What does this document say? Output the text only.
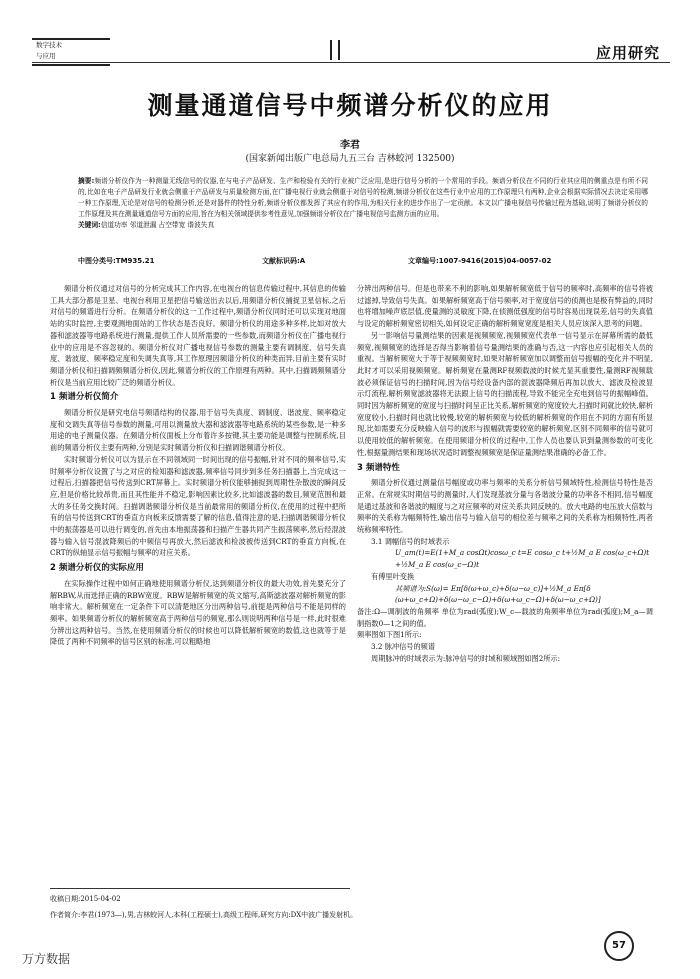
数字技术
与应用	应用研究
测量通道信号中频谱分析仪的应用
李君
(国家新闻出版广电总局九五三台 吉林蛟河 132500)
摘要:频谱分析仪作为一种测量无线信号的仪器,在与电子产品研发、生产和检验有关的行业被广泛应用,是进行信号分析的一个常用的手段。频谱分析仪在不同的行业其应用的侧重点是有所不同的,比如在电子产品研发行业就会侧重于产品研发与质量检测方面,在广播电视行业就会侧重于对信号的检测,频谱分析仪在这些行业中应用的工作原理只有两种,企业会根据实际情况去决定采用哪一种工作原理,无论是对信号的检测分析,还是对器件的特性分析,频谱分析仪都发挥了其应有的作用,为相关行业的进步作出了一定贡献。本文以广播电视信号传输过程为基础,说明了频谱分析仪的工作原理及其在测量通道信号方面的应用,旨在为相关领域提供参考性意见,加强频谱分析仪在广播电视信号监测方面的应用。
关键词:信道功率 邻道泄漏 占空带宽 谐波失真
中图分类号:TM935.21	文献标识码:A	文章编号:1007-9416(2015)04-0057-02

频谱分析仪通过对信号的分析完成其工作内容,在电视台的信息传输过程中,其信息的传输工具大部分都是卫星、电视台利用卫星把信号输送出去以后,用频谱分析仪捕捉卫星信标,之后对信号的频谱进行分析。在频谱分析仪的这一工作过程中,频谱分析仪同时还可以实现对地面站的实时监控,主要观测地面站的工作状态是否良好。频谱分析仪的用途多种多样,比如对放大器和滤波器等电路系统进行测量,提供工作人员所需要的一些参数,而频谱分析仪在广播电视行业中的应用是不容忽视的。频谱分析仪对广播电视信号参数的测量主要有调制度、信号失真度、谐波度、频率稳定度和失调失真等,其工作原理因频谱分析仪的种类而异,目前主要有实时频谱分析仪和扫描调频频谱分析仪,因此,频谱分析仪的工作原理有两种。其中,扫描调频频谱分析仪是当前应用比较广泛的频谱分析仪。

1 频谱分析仪简介

频谱分析仪是研究电信号频谱结构的仪器,用于信号失真度、调制度、谐波度、频率稳定度和交调失真等信号参数的测量,可用以测量放大器和滤波器等电路系统的某些参数,是一种多用途的电子测量仪器。在频谱分析仪面板上分布着许多按键,其主要功能是调整与控制系统,目前的频谱分析仪主要有两种,分别是实时频谱分析仪和扫描调谐频谱分析仪。

实时频谱分析仪可以为显示在不同领域同一时间出现的信号振幅,针对不同的频率信号,实时频率分析仪设置了与之对应的检知器和滤波器,频率信号同步到多任务扫描器上,当完成这一过程后,扫描器把信号传送到CRT屏幕上。实时频谱分析仪能够捕捉到周期性杂散波的瞬间反应,但是价格比较昂贵,而且其性能并不稳定,影响因素比较多,比如滤波器的数目,频宽范围和最大的多任务交换时间。扫描调谐频谱分析仪是当前最常用的频谱分析仪,在使用的过程中把所有的信号传送到CRT的垂直方向板来反馈需要了解的信息,值得注意的是,扫描调谐频谱分析仪中的振荡器是可以进行调变的,首先由本地振荡器和扫描产生器共同产生振荡频率,然后经混波器与输入信号混波降频后的中频信号再放大,然后滤波和检波被传送到CRT的垂直方向板,在CRT的纵轴显示信号振幅与频率的对应关系。

2 频谱分析仪的实际应用

在实际操作过程中如何正确地使用频谱分析仪,达到频谱分析仪的最大功效,首先要充分了解RBW,从而选择正确的RBW宽度。RBW是解析频宽的英文缩写,高斯滤波器对解析频宽的影响非常大。解析频宽在一定条件下可以清楚地区分出两种信号,前提是两种信号不能是同样的频率。如果频谱分析仪的解析频宽高于两种信号的频宽,那么则说明两种信号是一样,此时很难分辨出这两种信号。当然,在使用频谱分析仪的时候也可以降低解析频宽的数值,这也就等于是降低了两种不同频率的信号区别的标准,可以粗略地

分辨出两种信号。但是也带来不利的影响,如果解析频宽低于信号的频率时,高频率的信号将被过滤掉,导致信号失真。如果解析频宽高于信号频率,对于宽度信号的侦测也是极有弊益的,同时也将增加噪声底层值,使量测的灵敏度下降,在侦测低强度的信号时容易出现误差,信号的失真值与设定的解析频宽密切相关,如何设定正确的解析频宽宽度是相关人员应该深入思考的问题。

另一影响信号量测结果的因素是视频频宽,视频频宽代表单一信号显示在屏幕所需的最低频宽,视频频宽的选择是否得当影响着信号量测结果的准确与否,这一内容也应引起相关人员的重视。当解析频宽大于等于视频频宽时,如果对解析频宽加以调整而信号振幅的变化并不明显,此时才可以采用视频频宽。解析频宽在量测RF视频载波的时候尤显其重要性,量测RF视频载波必须保证信号的扫描时间,因为信号经设备内部的混波器降频后再加以放大、滤波及检波显示灯流程,解析频宽滤波器将无法跟上信号的扫描流程,导致不能完全充电到信号的振幅峰值。同时因为解析频宽的宽度与扫描时间呈正比关系,解析频宽的宽度较大,扫描时间就比较快,解析宽度较小,扫描时间也就比较慢,较宽的解析频宽与较低的解析频宽的作用在不同的方面有所显现,比如需要充分反映输入信号的波形与振幅就需要较宽的解析频宽,区别不同频率的信号就可以使用较低的解析频宽。在使用频谱分析仪的过程中,工作人员也要认识到量测参数的可变化性,根据量测结果和现场状况适时调整视频频宽是保证量测结果准确的必备工作。

3 频谱特性

频谱分析仪通过测量信号幅度或功率与频率的关系分析信号频域特性,检测信号特性是否正常。在常规实时期信号的测量时,人们发现基波分量与各谐波分量的功率各不相同,信号幅度是通过基波和各谐波的幅度与之对应频率的对应关系共同反映的。放大电路的电压放大倍数与频率的关系称为幅频特性,输出信号与输入信号的相位差与频率之间的关系称为相频特性,两者统称频率特性。

3.1 调幅信号的时域表示

U_am(t)=E(1+M_a cosΩt)cosω_c t=E cosω_c t+½M_a E cos(ω_c+Ω)t

+½M_a E cos(ω_c−Ω)t

有傅里叶变换

其频谱为:S(ω)= Eπ[δ(ω+ω_c)+δ(ω−ω_c)]+½M_a Eπ[δ

(ω+ω_c+Ω)+δ(ω−ω_c−Ω)+δ(ω+ω_c−Ω)+δ(ω−ω_c+Ω)]

备注:Ω—调制波的角频率 单位为rad(弧度);W_c—载波的角频率单位为rad(弧度);M_a—调制指数0—1之间的值。

频率图如下图1所示:

3.2 脉冲信号的频谱

周期脉冲的时域表示为:脉冲信号的时域和频域图如图2所示:

收稿日期:2015-04-02
作者简介:李君(1973—),男,吉林蛟河人,本科(工程硕士),高级工程师,研究方向:DX中波广播发射机。
57
万方数据
